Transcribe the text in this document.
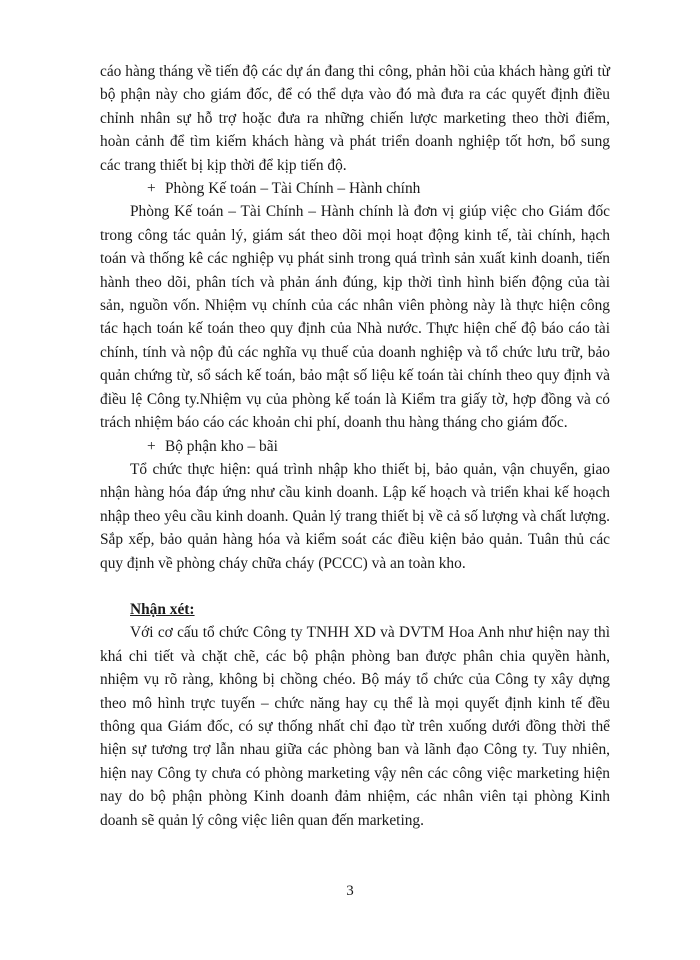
cáo hàng tháng về tiến độ các dự án đang thi công, phản hồi của khách hàng gửi từ bộ phận này cho giám đốc, để có thể dựa vào đó mà đưa ra các quyết định điều chỉnh nhân sự hỗ trợ hoặc đưa ra những chiến lược marketing theo thời điểm, hoàn cảnh để tìm kiếm khách hàng và phát triển doanh nghiệp tốt hơn, bổ sung các trang thiết bị kịp thời để kịp tiến độ.

+ Phòng Kế toán – Tài Chính – Hành chính

Phòng Kế toán – Tài Chính – Hành chính là đơn vị giúp việc cho Giám đốc trong công tác quản lý, giám sát theo dõi mọi hoạt động kinh tế, tài chính, hạch toán và thống kê các nghiệp vụ phát sinh trong quá trình sản xuất kinh doanh, tiến hành theo dõi, phân tích và phản ánh đúng, kịp thời tình hình biến động của tài sản, nguồn vốn. Nhiệm vụ chính của các nhân viên phòng này là thực hiện công tác hạch toán kế toán theo quy định của Nhà nước. Thực hiện chế độ báo cáo tài chính, tính và nộp đủ các nghĩa vụ thuế của doanh nghiệp và tổ chức lưu trữ, bảo quản chứng từ, sổ sách kế toán, bảo mật số liệu kế toán tài chính theo quy định và điều lệ Công ty.Nhiệm vụ của phòng kế toán là Kiểm tra giấy tờ, hợp đồng và có trách nhiệm báo cáo các khoản chi phí, doanh thu hàng tháng cho giám đốc.

+ Bộ phận kho – bãi

Tổ chức thực hiện: quá trình nhập kho thiết bị, bảo quản, vận chuyển, giao nhận hàng hóa đáp ứng như cầu kinh doanh. Lập kế hoạch và triển khai kế hoạch nhập theo yêu cầu kinh doanh. Quản lý trang thiết bị về cả số lượng và chất lượng. Sắp xếp, bảo quản hàng hóa và kiểm soát các điều kiện bảo quản. Tuân thủ các quy định về phòng cháy chữa cháy (PCCC) và an toàn kho.

Nhận xét:

Với cơ cấu tổ chức Công ty TNHH XD và DVTM Hoa Anh như hiện nay thì khá chi tiết và chặt chẽ, các bộ phận phòng ban được phân chia quyền hành, nhiệm vụ rõ ràng, không bị chồng chéo. Bộ máy tổ chức của Công ty xây dựng theo mô hình trực tuyến – chức năng hay cụ thể là mọi quyết định kinh tế đều thông qua Giám đốc, có sự thống nhất chỉ đạo từ trên xuống dưới đồng thời thể hiện sự tương trợ lẫn nhau giữa các phòng ban và lãnh đạo Công ty. Tuy nhiên, hiện nay Công ty chưa có phòng marketing vậy nên các công việc marketing hiện nay do bộ phận phòng Kinh doanh đảm nhiệm, các nhân viên tại phòng Kinh doanh sẽ quản lý công việc liên quan đến marketing.

3
